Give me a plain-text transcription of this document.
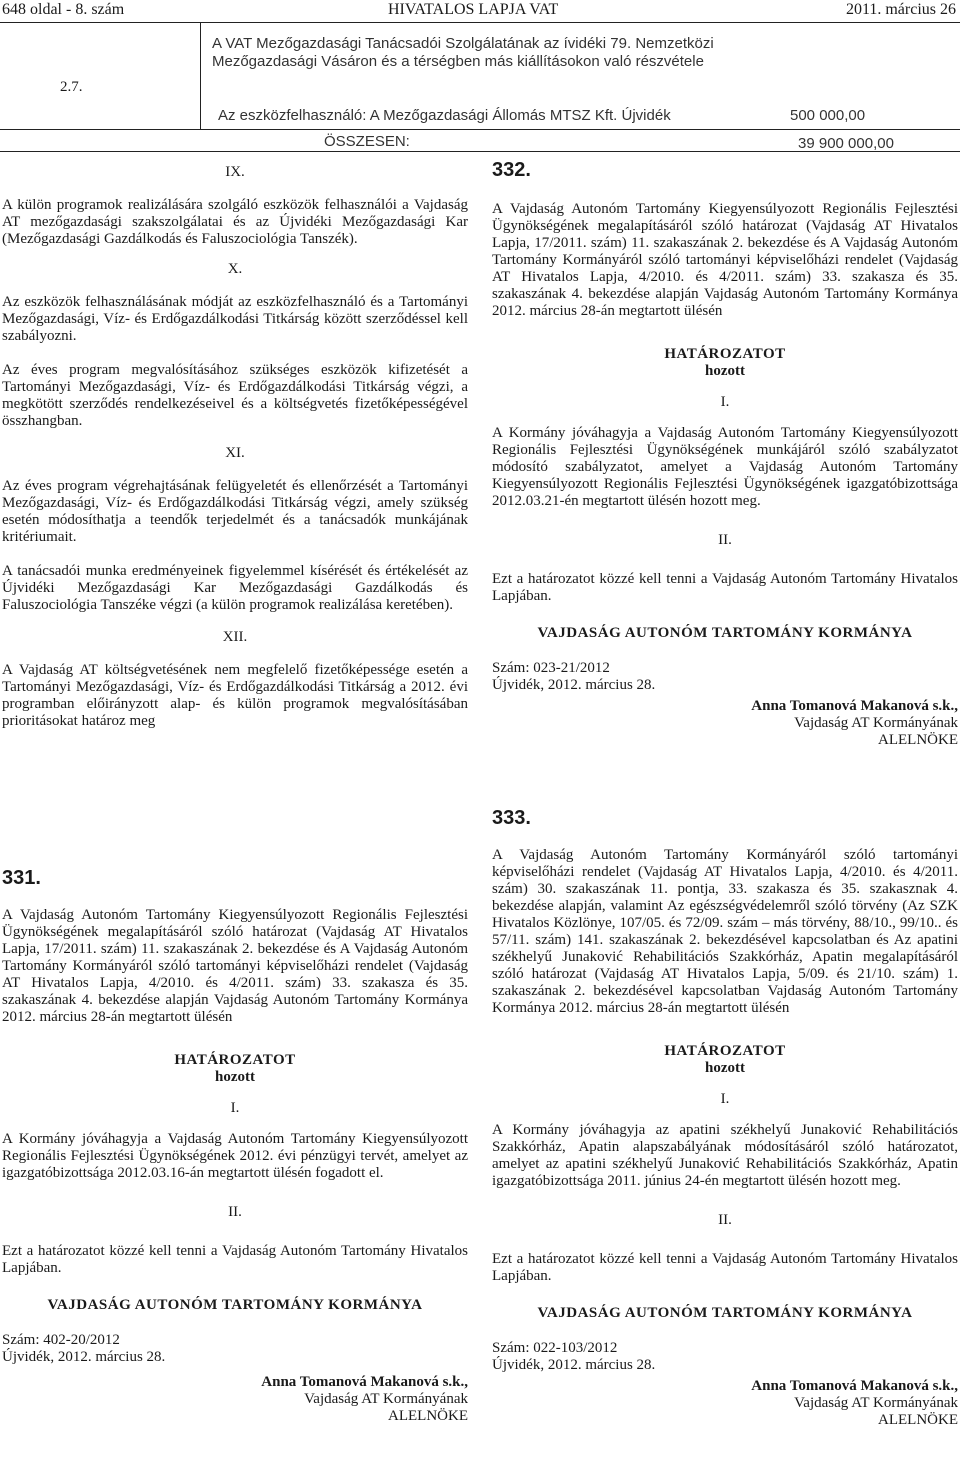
648 oldal - 8. szám	HIVATALOS LAPJA VAT	2011. március 26
2.7.
A VAT Mezőgazdasági Tanácsadói Szolgálatának az ívidéki 79. Nemzetközi Mezőgazdasági Vásáron és a térségben más kiállításokon való részvétele
Az eszközfelhasználó: A Mezőgazdasági Állomás MTSZ Kft. Újvidék	500 000,00
ÖSSZESEN:	39 900 000,00
IX.

A külön programok realizálására szolgáló eszközök felhasználói a Vajdaság AT mezőgazdasági szakszolgálatai és az Újvidéki Mezőgazdasági Kar (Mezőgazdasági Gazdálkodás és Faluszociológia Tanszék).

X.

Az eszközök felhasználásának módját az eszközfelhasználó és a Tartományi Mezőgazdasági, Víz- és Erdőgazdálkodási Titkárság között szerződéssel kell szabályozni.

Az éves program megvalósításához szükséges eszközök kifizetését a Tartományi Mezőgazdasági, Víz- és Erdőgazdálkodási Titkárság végzi, a megkötött szerződés rendelkezéseivel és a költségvetés fizetőképességével összhangban.

XI.

Az éves program végrehajtásának felügyeletét és ellenőrzését a Tartományi Mezőgazdasági, Víz- és Erdőgazdálkodási Titkárság végzi, amely szükség esetén módosíthatja a teendők terjedelmét és a tanácsadók munkájának kritériumait.

A tanácsadói munka eredményeinek figyelemmel kísérését és értékelését az Újvidéki Mezőgazdasági Kar Mezőgazdasági Gazdálkodás és Faluszociológia Tanszéke végzi (a külön programok realizálása keretében).

XII.

A Vajdaság AT költségvetésének nem megfelelő fizetőképessége esetén a Tartományi Mezőgazdasági, Víz- és Erdőgazdálkodási Titkárság a 2012. évi programban előirányzott alap- és külön programok megvalósításában prioritásokat határoz meg

331.

A Vajdaság Autonóm Tartomány Kiegyensúlyozott Regionális Fejlesztési Ügynökségének megalapításáról szóló határozat (Vajdaság AT Hivatalos Lapja, 17/2011. szám) 11. szakaszának 2. bekezdése és A Vajdaság Autonóm Tartomány Kormányáról szóló tartományi képviselőházi rendelet (Vajdaság AT Hivatalos Lapja, 4/2010. és 4/2011. szám) 33. szakasza és 35. szakaszának 4. bekezdése alapján Vajdaság Autonóm Tartomány Kormánya 2012. március 28-án megtartott ülésén

HATÁROZATOT
hozott
I.

A Kormány jóváhagyja a Vajdaság Autonóm Tartomány Kiegyensúlyozott Regionális Fejlesztési Ügynökségének 2012. évi pénzügyi tervét, amelyet az igazgatóbizottsága 2012.03.16-án megtartott ülésén fogadott el.

II.

Ezt a határozatot közzé kell tenni a Vajdaság Autonóm Tartomány Hivatalos Lapjában.

VAJDASÁG AUTONÓM TARTOMÁNY KORMÁNYA
Szám: 402-20/2012
Újvidék, 2012. március 28.
Anna Tomanová Makanová s.k.,
Vajdaság AT Kormányának
ALELNÖKE
332.

A Vajdaság Autonóm Tartomány Kiegyensúlyozott Regionális Fejlesztési Ügynökségének megalapításáról szóló határozat (Vajdaság AT Hivatalos Lapja, 17/2011. szám) 11. szakaszának 2. bekezdése és A Vajdaság Autonóm Tartomány Kormányáról szóló tartományi képviselőházi rendelet (Vajdaság AT Hivatalos Lapja, 4/2010. és 4/2011. szám) 33. szakasza és 35. szakaszának 4. bekezdése alapján Vajdaság Autonóm Tartomány Kormánya 2012. március 28-án megtartott ülésén

HATÁROZATOT
hozott
I.

A Kormány jóváhagyja a Vajdaság Autonóm Tartomány Kiegyensúlyozott Regionális Fejlesztési Ügynökségének munkájáról szóló szabályzatot módosító szabályzatot, amelyet a Vajdaság Autonóm Tartomány Kiegyensúlyozott Regionális Fejlesztési Ügynökségének igazgatóbizottsága 2012.03.21-én megtartott ülésén hozott meg.

II.

Ezt a határozatot közzé kell tenni a Vajdaság Autonóm Tartomány Hivatalos Lapjában.

VAJDASÁG AUTONÓM TARTOMÁNY KORMÁNYA
Szám: 023-21/2012
Újvidék, 2012. március 28.
Anna Tomanová Makanová s.k.,
Vajdaság AT Kormányának
ALELNÖKE
333.

A Vajdaság Autonóm Tartomány Kormányáról szóló tartományi képviselőházi rendelet (Vajdaság AT Hivatalos Lapja, 4/2010. és 4/2011. szám) 30. szakaszának 11. pontja, 33. szakasza és 35. szakasznak 4. bekezdése alapján, valamint Az egészségvédelemről szóló törvény (Az SZK Hivatalos Közlönye, 107/05. és 72/09. szám – más törvény, 88/10., 99/10.. és 57/11. szám) 141. szakaszának 2. bekezdésével kapcsolatban és Az apatini székhelyű Junaković Rehabilitációs Szakkórház, Apatin megalapításáról szóló határozat (Vajdaság AT Hivatalos Lapja, 5/09. és 21/10. szám) 1. szakaszának 2. bekezdésével kapcsolatban Vajdaság Autonóm Tartomány Kormánya 2012. március 28-án megtartott ülésén

HATÁROZATOT
hozott
I.

A Kormány jóváhagyja az apatini székhelyű Junaković Rehabilitációs Szakkórház, Apatin alapszabályának módosításáról szóló határozatot, amelyet az apatini székhelyű Junaković Rehabilitációs Szakkórház, Apatin igazgatóbizottsága 2011. június 24-én megtartott ülésén hozott meg.

II.

Ezt a határozatot közzé kell tenni a Vajdaság Autonóm Tartomány Hivatalos Lapjában.

VAJDASÁG AUTONÓM TARTOMÁNY KORMÁNYA
Szám: 022-103/2012
Újvidék, 2012. március 28.
Anna Tomanová Makanová s.k.,
Vajdaság AT Kormányának
ALELNÖKE
